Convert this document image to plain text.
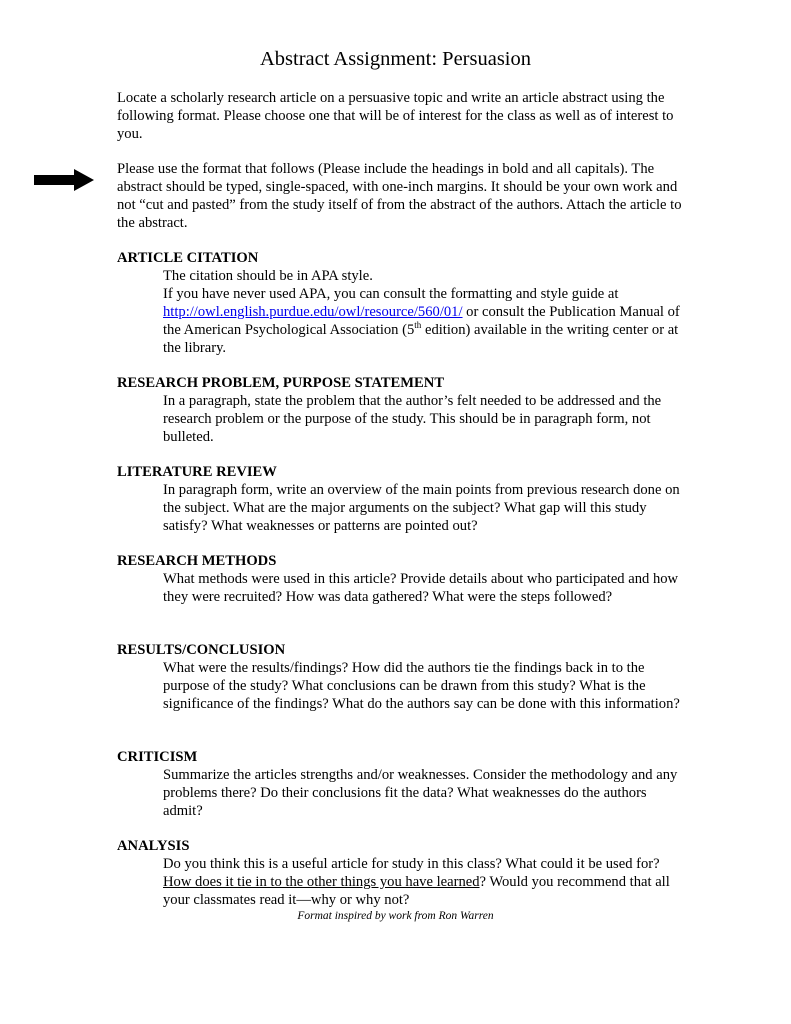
Abstract Assignment: Persuasion
Locate a scholarly research article on a persuasive topic and write an article abstract using the following format. Please choose one that will be of interest for the class as well as of interest to you.
Please use the format that follows (Please include the headings in bold and all capitals). The abstract should be typed, single-spaced, with one-inch margins. It should be your own work and not “cut and pasted” from the study itself of from the abstract of the authors. Attach the article to the abstract.
ARTICLE CITATION

The citation should be in APA style.

If you have never used APA, you can consult the formatting and style guide at http://owl.english.purdue.edu/owl/resource/560/01/ or consult the Publication Manual of the American Psychological Association (5th edition) available in the writing center or at the library.

RESEARCH PROBLEM, PURPOSE STATEMENT
In a paragraph, state the problem that the author’s felt needed to be addressed and the research problem or the purpose of the study. This should be in paragraph form, not bulleted.
LITERATURE REVIEW
In paragraph form, write an overview of the main points from previous research done on the subject. What are the major arguments on the subject? What gap will this study satisfy? What weaknesses or patterns are pointed out?
RESEARCH METHODS
What methods were used in this article? Provide details about who participated and how they were recruited? How was data gathered? What were the steps followed?
RESULTS/CONCLUSION
What were the results/findings? How did the authors tie the findings back in to the purpose of the study? What conclusions can be drawn from this study? What is the significance of the findings? What do the authors say can be done with this information?
CRITICISM
Summarize the articles strengths and/or weaknesses. Consider the methodology and any problems there? Do their conclusions fit the data? What weaknesses do the authors admit?
ANALYSIS
Do you think this is a useful article for study in this class? What could it be used for? How does it tie in to the other things you have learned? Would you recommend that all your classmates read it—why or why not?
Format inspired by work from Ron Warren
